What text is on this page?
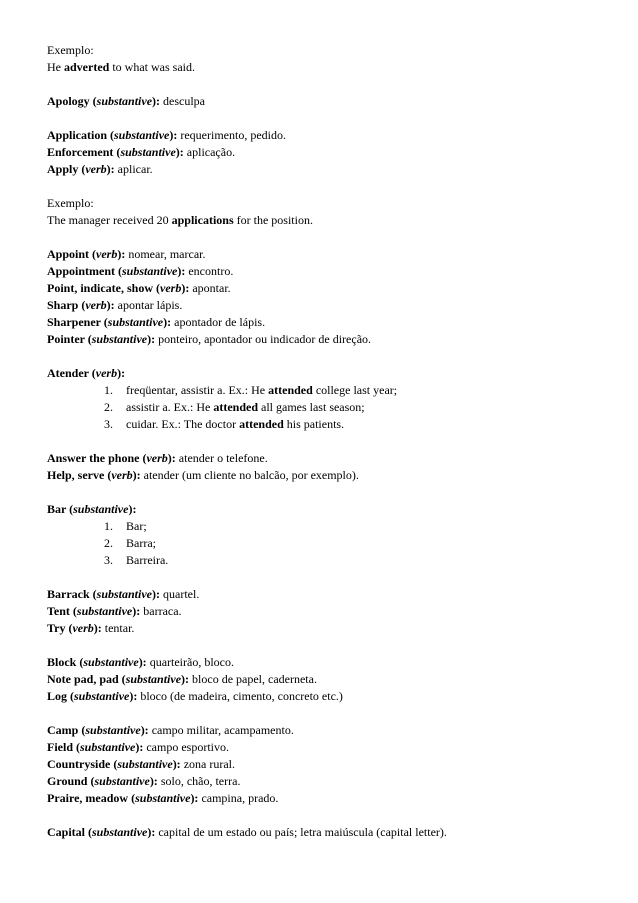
Exemplo:
He adverted to what was said.
Apology (substantive): desculpa
Application (substantive): requerimento, pedido.
Enforcement (substantive): aplicação.
Apply (verb): aplicar.
Exemplo:
The manager received 20 applications for the position.
Appoint (verb): nomear, marcar.
Appointment (substantive): encontro.
Point, indicate, show (verb): apontar.
Sharp (verb): apontar lápis.
Sharpener (substantive): apontador de lápis.
Pointer (substantive): ponteiro, apontador ou indicador de direção.
Atender (verb):
1.	freqüentar, assistir a. Ex.: He attended college last year;
2.	assistir a. Ex.: He attended all games last season;
3.	cuidar. Ex.: The doctor attended his patients.
Answer the phone (verb): atender o telefone.
Help, serve (verb): atender (um cliente no balcão, por exemplo).
Bar (substantive):
1.	Bar;
2.	Barra;
3.	Barreira.
Barrack (substantive): quartel.
Tent (substantive): barraca.
Try (verb): tentar.
Block (substantive): quarteirão, bloco.
Note pad, pad (substantive): bloco de papel, caderneta.
Log (substantive): bloco (de madeira, cimento, concreto etc.)
Camp (substantive): campo militar, acampamento.
Field (substantive): campo esportivo.
Countryside (substantive): zona rural.
Ground (substantive): solo, chão, terra.
Praire, meadow (substantive): campina, prado.
Capital (substantive): capital de um estado ou país; letra maiúscula (capital letter).
